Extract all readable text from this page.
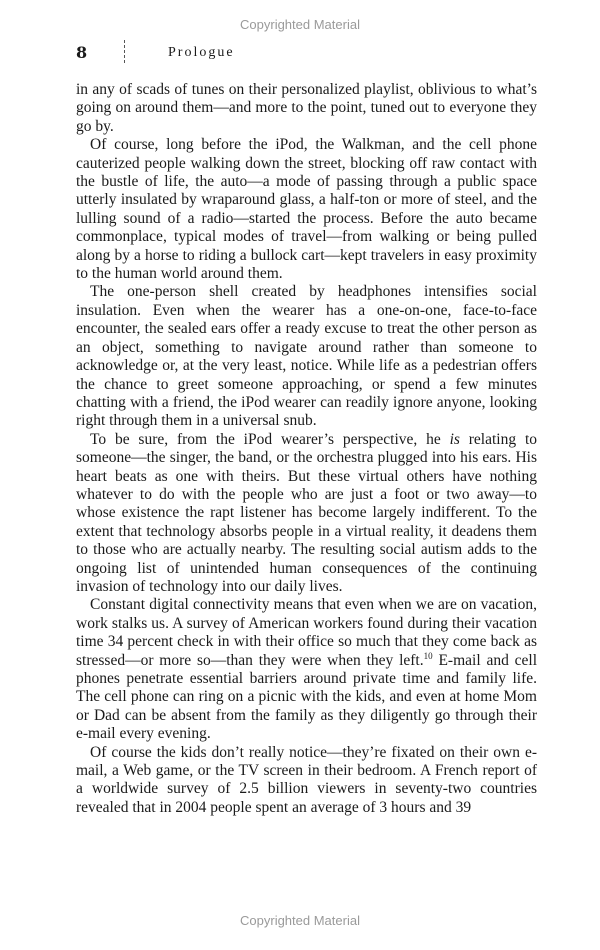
Copyrighted Material
8	Prologue

in any of scads of tunes on their personalized playlist, oblivious to what’s going on around them—and more to the point, tuned out to everyone they go by.

Of course, long before the iPod, the Walkman, and the cell phone cauterized people walking down the street, blocking off raw contact with the bustle of life, the auto—a mode of passing through a public space utterly insulated by wraparound glass, a half-ton or more of steel, and the lulling sound of a radio—started the process. Before the auto became commonplace, typical modes of travel—from walking or being pulled along by a horse to riding a bullock cart—kept travelers in easy proximity to the human world around them.

The one-person shell created by headphones intensifies social insulation. Even when the wearer has a one-on-one, face-to-face encounter, the sealed ears offer a ready excuse to treat the other person as an object, something to navigate around rather than someone to acknowledge or, at the very least, notice. While life as a pedestrian offers the chance to greet someone approaching, or spend a few minutes chatting with a friend, the iPod wearer can readily ignore anyone, looking right through them in a universal snub.

To be sure, from the iPod wearer’s perspective, he is relating to someone—the singer, the band, or the orchestra plugged into his ears. His heart beats as one with theirs. But these virtual others have nothing whatever to do with the people who are just a foot or two away—to whose existence the rapt listener has become largely indifferent. To the extent that technology absorbs people in a virtual reality, it deadens them to those who are actually nearby. The resulting social autism adds to the ongoing list of unintended human consequences of the continuing invasion of technology into our daily lives.

Constant digital connectivity means that even when we are on vacation, work stalks us. A survey of American workers found during their vacation time 34 percent check in with their office so much that they come back as stressed—or more so—than they were when they left.$^{10}$ E-mail and cell phones penetrate essential barriers around private time and family life. The cell phone can ring on a picnic with the kids, and even at home Mom or Dad can be absent from the family as they diligently go through their e-mail every evening.

Of course the kids don’t really notice—they’re fixated on their own e-mail, a Web game, or the TV screen in their bedroom. A French report of a worldwide survey of 2.5 billion viewers in seventy-two countries revealed that in 2004 people spent an average of 3 hours and 39

Copyrighted Material
